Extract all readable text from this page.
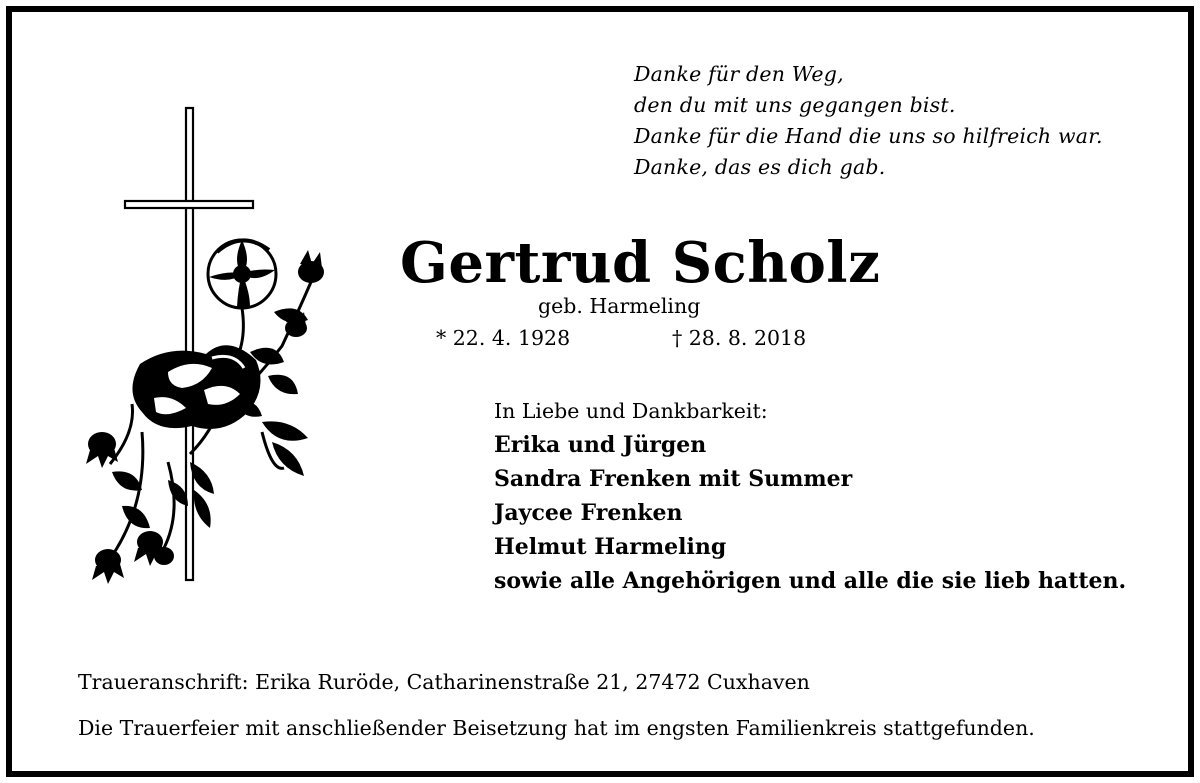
Danke für den Weg,
den du mit uns gegangen bist.
Danke für die Hand die uns so hilfreich war.
Danke, das es dich gab.
Gertrud Scholz
geb. Harmeling
* 22. 4. 1928	† 28. 8. 2018
In Liebe und Dankbarkeit:
Erika und Jürgen
Sandra Frenken mit Summer
Jaycee Frenken
Helmut Harmeling
sowie alle Angehörigen und alle die sie lieb hatten.
Traueranschrift: Erika Ruröde, Catharinenstraße 21, 27472 Cuxhaven
Die Trauerfeier mit anschließender Beisetzung hat im engsten Familienkreis stattgefunden.
